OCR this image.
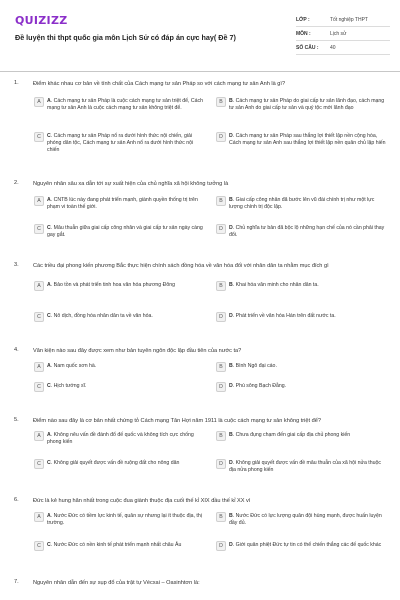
QUIZIZZ
Đề luyện thi thpt quốc gia môn Lịch Sử có đáp án cực hay( Đề 7)
LỚP :	Tốt nghiệp THPT
MÔN :	Lịch sử
SỐ CÂU :	40
1.	Điểm khác nhau cơ bản về tính chất của Cách mạng tư sản Pháp so với cách mạng tư sản Anh là gì?
A	A. Cách mạng tư sản Pháp là cuộc cách mạng tư sản triệt để, Cách mạng tư sản Anh là cuộc cách mạng tư sản không triệt để.
B	B. Cách mạng tư sản Pháp do giai cấp tư sản lãnh đạo, cách mạng tư sản Anh do giai cấp tư sản và quý tộc mới lãnh đạo
C	C. Cách mạng tư sản Pháp nổ ra dưới hình thức nội chiến, giải phóng dân tộc, Cách mạng tư sản Anh nổ ra dưới hình thức nội chiến
D	D. Cách mạng tư sản Pháp sau thắng lợi thiết lập nền cộng hòa, Cách mạng tư sản Anh sau thắng lợi thiết lập nền quân chủ lập hiến
2.	Nguyên nhân sâu xa dẫn tới sự xuất hiện của chủ nghĩa xã hội không tưởng là
A	A. CNTB lúc này đang phát triển mạnh, giành quyền thống trị trên phạm vi toàn thế giới.
B	B. Giai cấp công nhân đã bước lên vũ đài chính trị như một lực lượng chính trị độc lập.
C	C. Mâu thuẫn giữa giai cấp công nhân và giai cấp tư sản ngày càng gay gắt.
D	D. Chủ nghĩa tư bản đã bộc lộ những hạn chế của nó cần phải thay đổi.
3.	Các triều đại phong kiến phương Bắc thực hiện chính sách đồng hóa về văn hóa đối với nhân dân ta nhằm mục đích gì
A	A. Bảo tồn và phát triển tinh hoa văn hóa phương Đông	B	B. Khai hóa văn minh cho nhân dân ta.
C	C. Nô dịch, đồng hóa nhân dân ta về văn hóa.	D	D. Phát triển về văn hóa Hán trên đất nước ta.
4.	Văn kiện nào sau đây được xem như bản tuyên ngôn độc lập đầu tiên của nước ta?
A	A. Nam quốc sơn hà.	B	B. Bình Ngô đại cáo.
C	C. Hịch tướng sĩ.	D	D. Phú sông Bạch Đằng.
5.	Điểm nào sau đây là cơ bản nhất chứng tỏ Cách mạng Tân Hợi năm 1911 là cuộc cách mạng tư sản không triệt để?
A	A. Không nêu vấn đề đánh đổ đế quốc và không tích cực chống phong kiến
B	B. Chưa đụng chạm đến giai cấp địa chủ phong kiến
C	C. Không giải quyết được vấn đề ruộng đất cho nông dân	D	D. Không giải quyết được vấn đề mâu thuẫn của xã hội nửa thuộc địa nửa phong kiến
6.	Đức là kẻ hung hăn nhất trong cuộc đua giành thuộc địa cuối thế kỉ XIX đầu thế kỉ XX vì
A	A. Nước Đức có tiềm lực kinh tế, quân sự nhưng lại ít thuộc địa, thị trường.
B	B. Nước Đức có lực lượng quân đội hùng mạnh, được huấn luyện đầy đủ.
C	C. Nước Đức có nền kinh tế phát triển mạnh nhất châu Âu	D	D. Giới quân phiệt Đức tự tin có thể chiến thắng các đế quốc khác
7.	Nguyên nhân dẫn đến sự sụp đổ của trật tự Vécxai – Oasinhtơn là:
